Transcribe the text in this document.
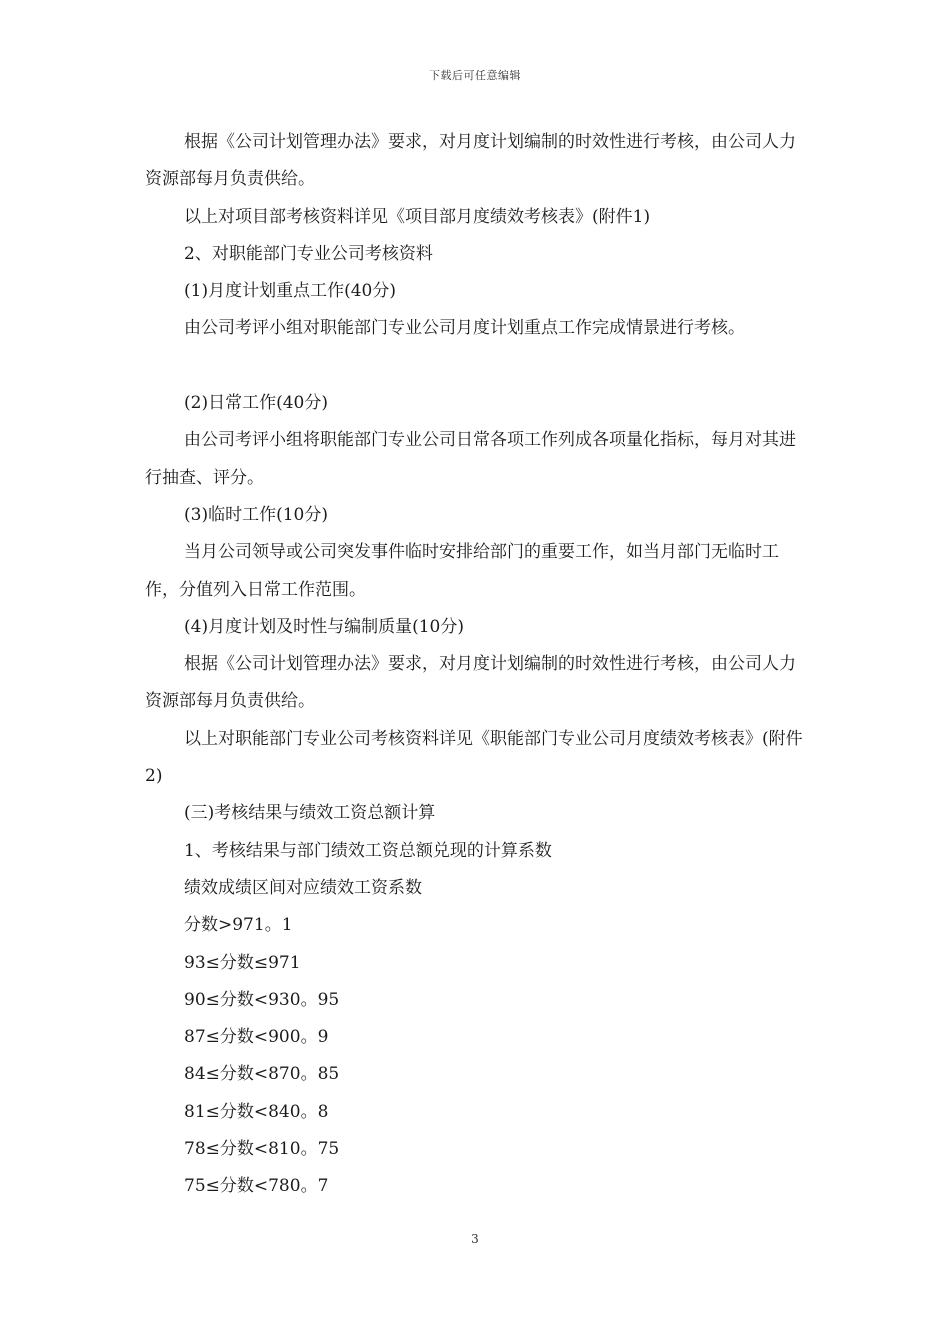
下载后可任意编辑

根据《公司计划管理办法》要求，对月度计划编制的时效性进行考核，由公司人力资源部每月负责供给。

以上对项目部考核资料详见《项目部月度绩效考核表》(附件1)

2、对职能部门专业公司考核资料

(1)月度计划重点工作(40分)

由公司考评小组对职能部门专业公司月度计划重点工作完成情景进行考核。

(2)日常工作(40分)

由公司考评小组将职能部门专业公司日常各项工作列成各项量化指标，每月对其进行抽查、评分。

(3)临时工作(10分)

当月公司领导或公司突发事件临时安排给部门的重要工作，如当月部门无临时工作，分值列入日常工作范围。

(4)月度计划及时性与编制质量(10分)

根据《公司计划管理办法》要求，对月度计划编制的时效性进行考核，由公司人力资源部每月负责供给。

以上对职能部门专业公司考核资料详见《职能部门专业公司月度绩效考核表》(附件2)

(三)考核结果与绩效工资总额计算

1、考核结果与部门绩效工资总额兑现的计算系数

绩效成绩区间对应绩效工资系数

分数>971。1

93≤分数≤971

90≤分数<930。95

87≤分数<900。9

84≤分数<870。85

81≤分数<840。8

78≤分数<810。75

75≤分数<780。7

3
